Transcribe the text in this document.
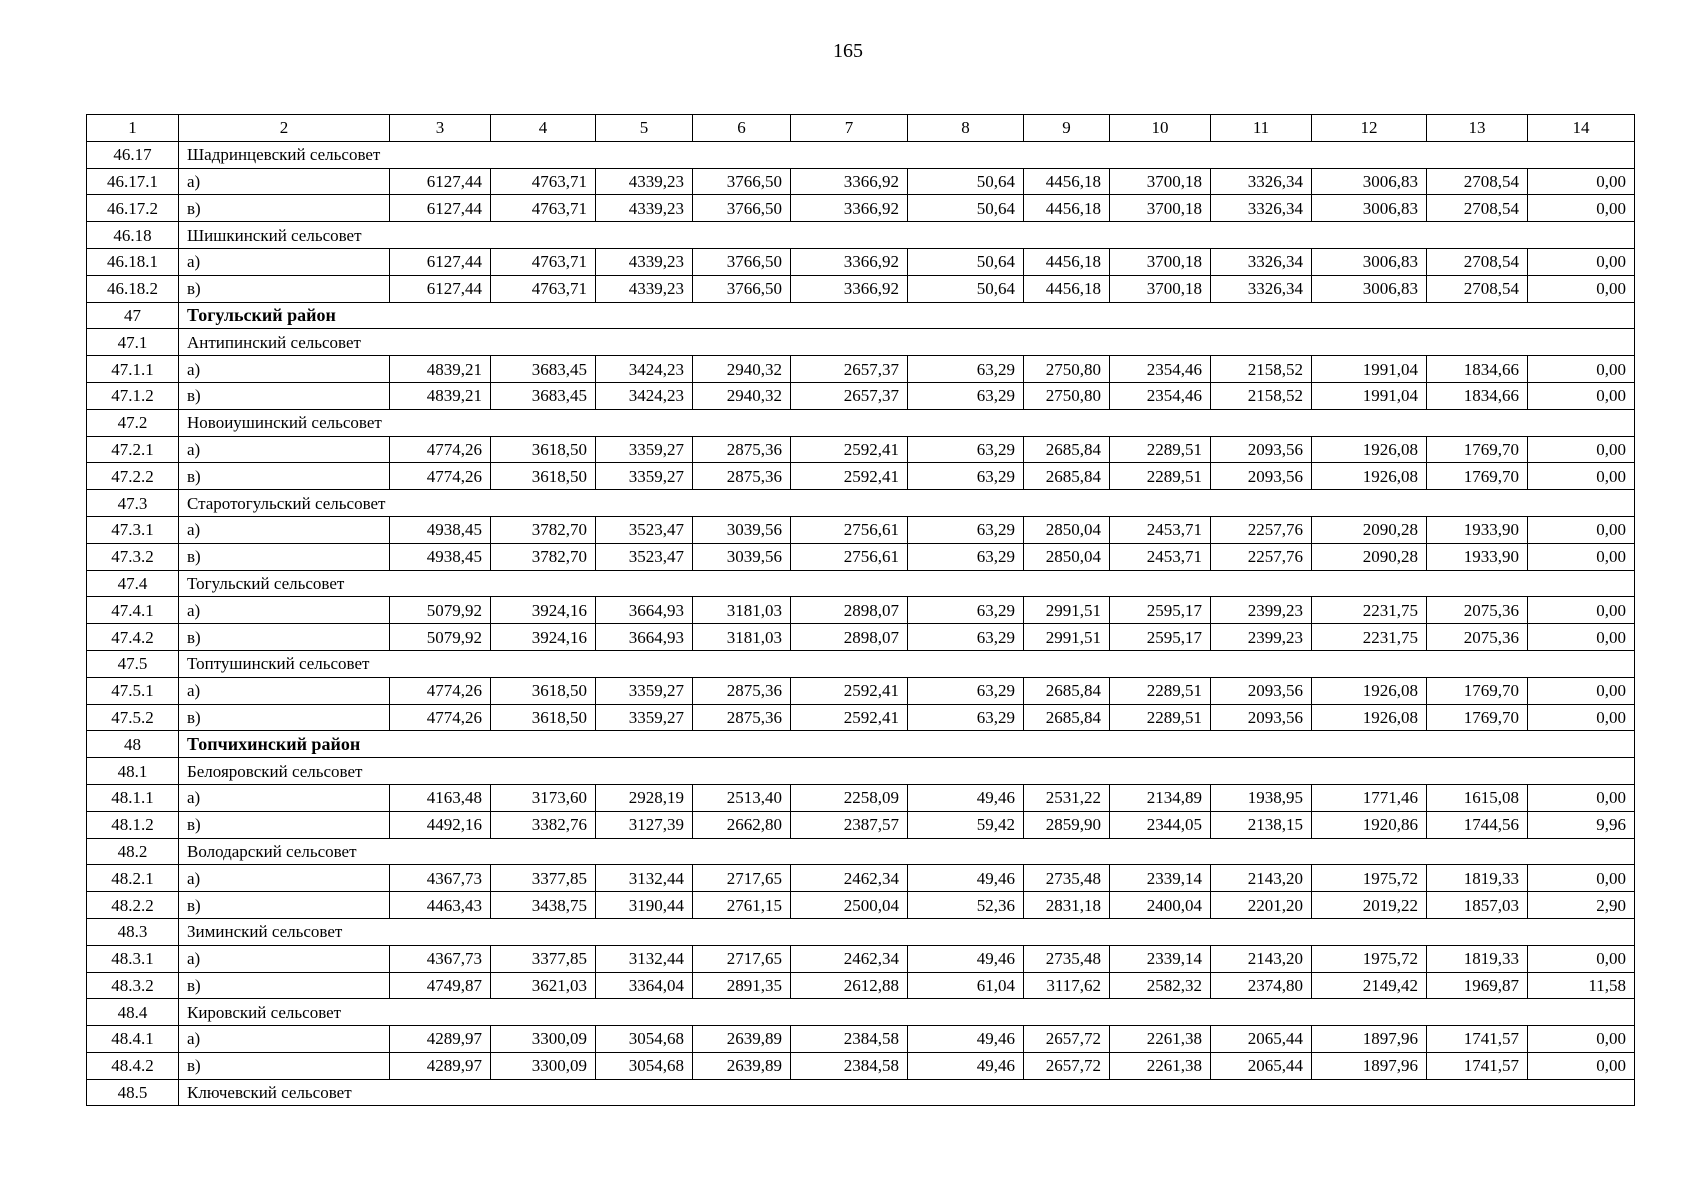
165
1	2	3	4	5	6	7	8	9	10	11	12	13	14
46.17	Шадринцевский сельсовет												
46.17.1	а)	6127,44	4763,71	4339,23	3766,50	3366,92	50,64	4456,18	3700,18	3326,34	3006,83	2708,54	0,00
46.17.2	в)	6127,44	4763,71	4339,23	3766,50	3366,92	50,64	4456,18	3700,18	3326,34	3006,83	2708,54	0,00
46.18	Шишкинский сельсовет												
46.18.1	а)	6127,44	4763,71	4339,23	3766,50	3366,92	50,64	4456,18	3700,18	3326,34	3006,83	2708,54	0,00
46.18.2	в)	6127,44	4763,71	4339,23	3766,50	3366,92	50,64	4456,18	3700,18	3326,34	3006,83	2708,54	0,00
47	Тогульский район												
47.1	Антипинский сельсовет												
47.1.1	а)	4839,21	3683,45	3424,23	2940,32	2657,37	63,29	2750,80	2354,46	2158,52	1991,04	1834,66	0,00
47.1.2	в)	4839,21	3683,45	3424,23	2940,32	2657,37	63,29	2750,80	2354,46	2158,52	1991,04	1834,66	0,00
47.2	Новоиушинский сельсовет												
47.2.1	а)	4774,26	3618,50	3359,27	2875,36	2592,41	63,29	2685,84	2289,51	2093,56	1926,08	1769,70	0,00
47.2.2	в)	4774,26	3618,50	3359,27	2875,36	2592,41	63,29	2685,84	2289,51	2093,56	1926,08	1769,70	0,00
47.3	Старотогульский сельсовет												
47.3.1	а)	4938,45	3782,70	3523,47	3039,56	2756,61	63,29	2850,04	2453,71	2257,76	2090,28	1933,90	0,00
47.3.2	в)	4938,45	3782,70	3523,47	3039,56	2756,61	63,29	2850,04	2453,71	2257,76	2090,28	1933,90	0,00
47.4	Тогульский сельсовет												
47.4.1	а)	5079,92	3924,16	3664,93	3181,03	2898,07	63,29	2991,51	2595,17	2399,23	2231,75	2075,36	0,00
47.4.2	в)	5079,92	3924,16	3664,93	3181,03	2898,07	63,29	2991,51	2595,17	2399,23	2231,75	2075,36	0,00
47.5	Топтушинский сельсовет												
47.5.1	а)	4774,26	3618,50	3359,27	2875,36	2592,41	63,29	2685,84	2289,51	2093,56	1926,08	1769,70	0,00
47.5.2	в)	4774,26	3618,50	3359,27	2875,36	2592,41	63,29	2685,84	2289,51	2093,56	1926,08	1769,70	0,00
48	Топчихинский район												
48.1	Белояровский сельсовет												
48.1.1	а)	4163,48	3173,60	2928,19	2513,40	2258,09	49,46	2531,22	2134,89	1938,95	1771,46	1615,08	0,00
48.1.2	в)	4492,16	3382,76	3127,39	2662,80	2387,57	59,42	2859,90	2344,05	2138,15	1920,86	1744,56	9,96
48.2	Володарский сельсовет												
48.2.1	а)	4367,73	3377,85	3132,44	2717,65	2462,34	49,46	2735,48	2339,14	2143,20	1975,72	1819,33	0,00
48.2.2	в)	4463,43	3438,75	3190,44	2761,15	2500,04	52,36	2831,18	2400,04	2201,20	2019,22	1857,03	2,90
48.3	Зиминский сельсовет												
48.3.1	а)	4367,73	3377,85	3132,44	2717,65	2462,34	49,46	2735,48	2339,14	2143,20	1975,72	1819,33	0,00
48.3.2	в)	4749,87	3621,03	3364,04	2891,35	2612,88	61,04	3117,62	2582,32	2374,80	2149,42	1969,87	11,58
48.4	Кировский сельсовет												
48.4.1	а)	4289,97	3300,09	3054,68	2639,89	2384,58	49,46	2657,72	2261,38	2065,44	1897,96	1741,57	0,00
48.4.2	в)	4289,97	3300,09	3054,68	2639,89	2384,58	49,46	2657,72	2261,38	2065,44	1897,96	1741,57	0,00
48.5	Ключевский сельсовет												
